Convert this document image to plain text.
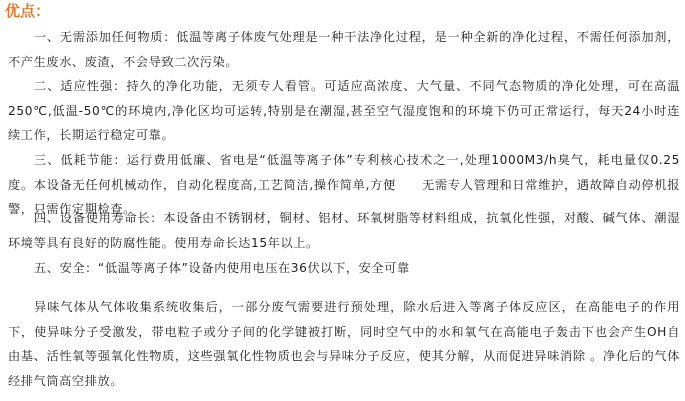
优点：

一、无需添加任何物质：低温等离子体废气处理是一种干法净化过程，是一种全新的净化过程，不需任何添加剂，不产生废水、废渣，不会导致二次污染。

二、适应性强：持久的净化功能，无须专人看管。可适应高浓度、大气量、不同气态物质的净化处理，可在高温250℃,低温-50℃的环境内,净化区均可运转,特别是在潮湿,甚至空气湿度饱和的环境下仍可正常运行，每天24小时连续工作，长期运行稳定可靠。

三、低耗节能：运行费用低廉、省电是“低温等离子体”专利核心技术之一,处理1000M3/h臭气，耗电量仅0.25度。本设备无任何机械动作，自动化程度高,工艺简洁,操作简单,方便 无需专人管理和日常维护，遇故障自动停机报警，只需作定期检查。

四、设备使用寿命长：本设备由不锈钢材，铜材、铝材、环氧树脂等材料组成，抗氧化性强，对酸、碱气体、潮湿环境等具有良好的防腐性能。使用寿命长达15年以上。

五、安全：“低温等离子体”设备内使用电压在36伏以下，安全可靠

异味气体从气体收集系统收集后，一部分废气需要进行预处理，除水后进入等离子体反应区，在高能电子的作用下，使异味分子受激发，带电粒子或分子间的化学键被打断，同时空气中的水和氧气在高能电子轰击下也会产生OH自由基、活性氧等强氧化性物质，这些强氧化性物质也会与异味分子反应，使其分解，从而促进异味消除 。净化后的气体经排气筒高空排放。
